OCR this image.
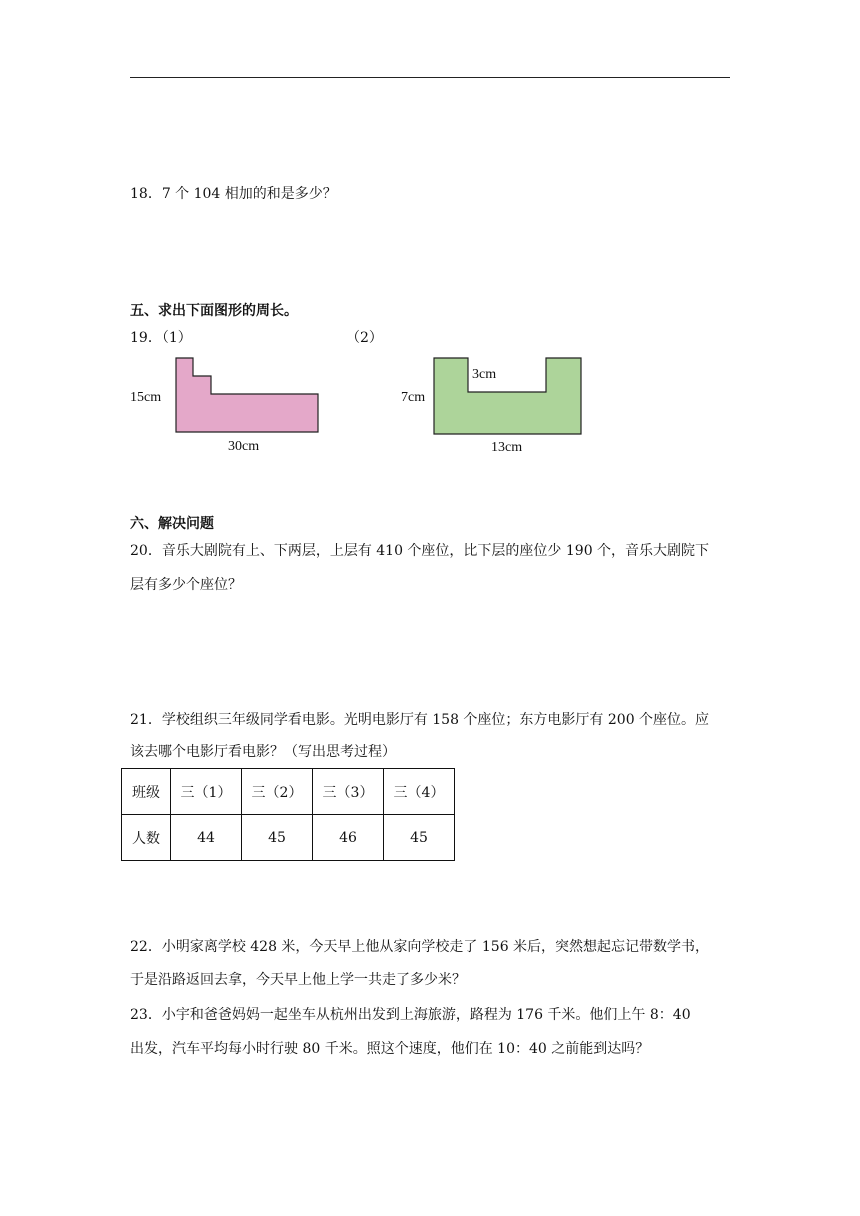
18．7 个 104 相加的和是多少？
五、求出下面图形的周长。
19．（1）	（2）
15cm
30cm
7cm
3cm
13cm
六、解决问题
20．音乐大剧院有上、下两层，上层有 410 个座位，比下层的座位少 190 个，音乐大剧院下
层有多少个座位？
21．学校组织三年级同学看电影。光明电影厅有 158 个座位；东方电影厅有 200 个座位。应
该去哪个电影厅看电影？（写出思考过程）
班级	三（1）	三（2）	三（3）	三（4）
人数	44	45	46	45
22．小明家离学校 428 米，今天早上他从家向学校走了 156 米后，突然想起忘记带数学书，
于是沿路返回去拿，今天早上他上学一共走了多少米？
23．小宇和爸爸妈妈一起坐车从杭州出发到上海旅游，路程为 176 千米。他们上午 8：40
出发，汽车平均每小时行驶 80 千米。照这个速度，他们在 10：40 之前能到达吗？
